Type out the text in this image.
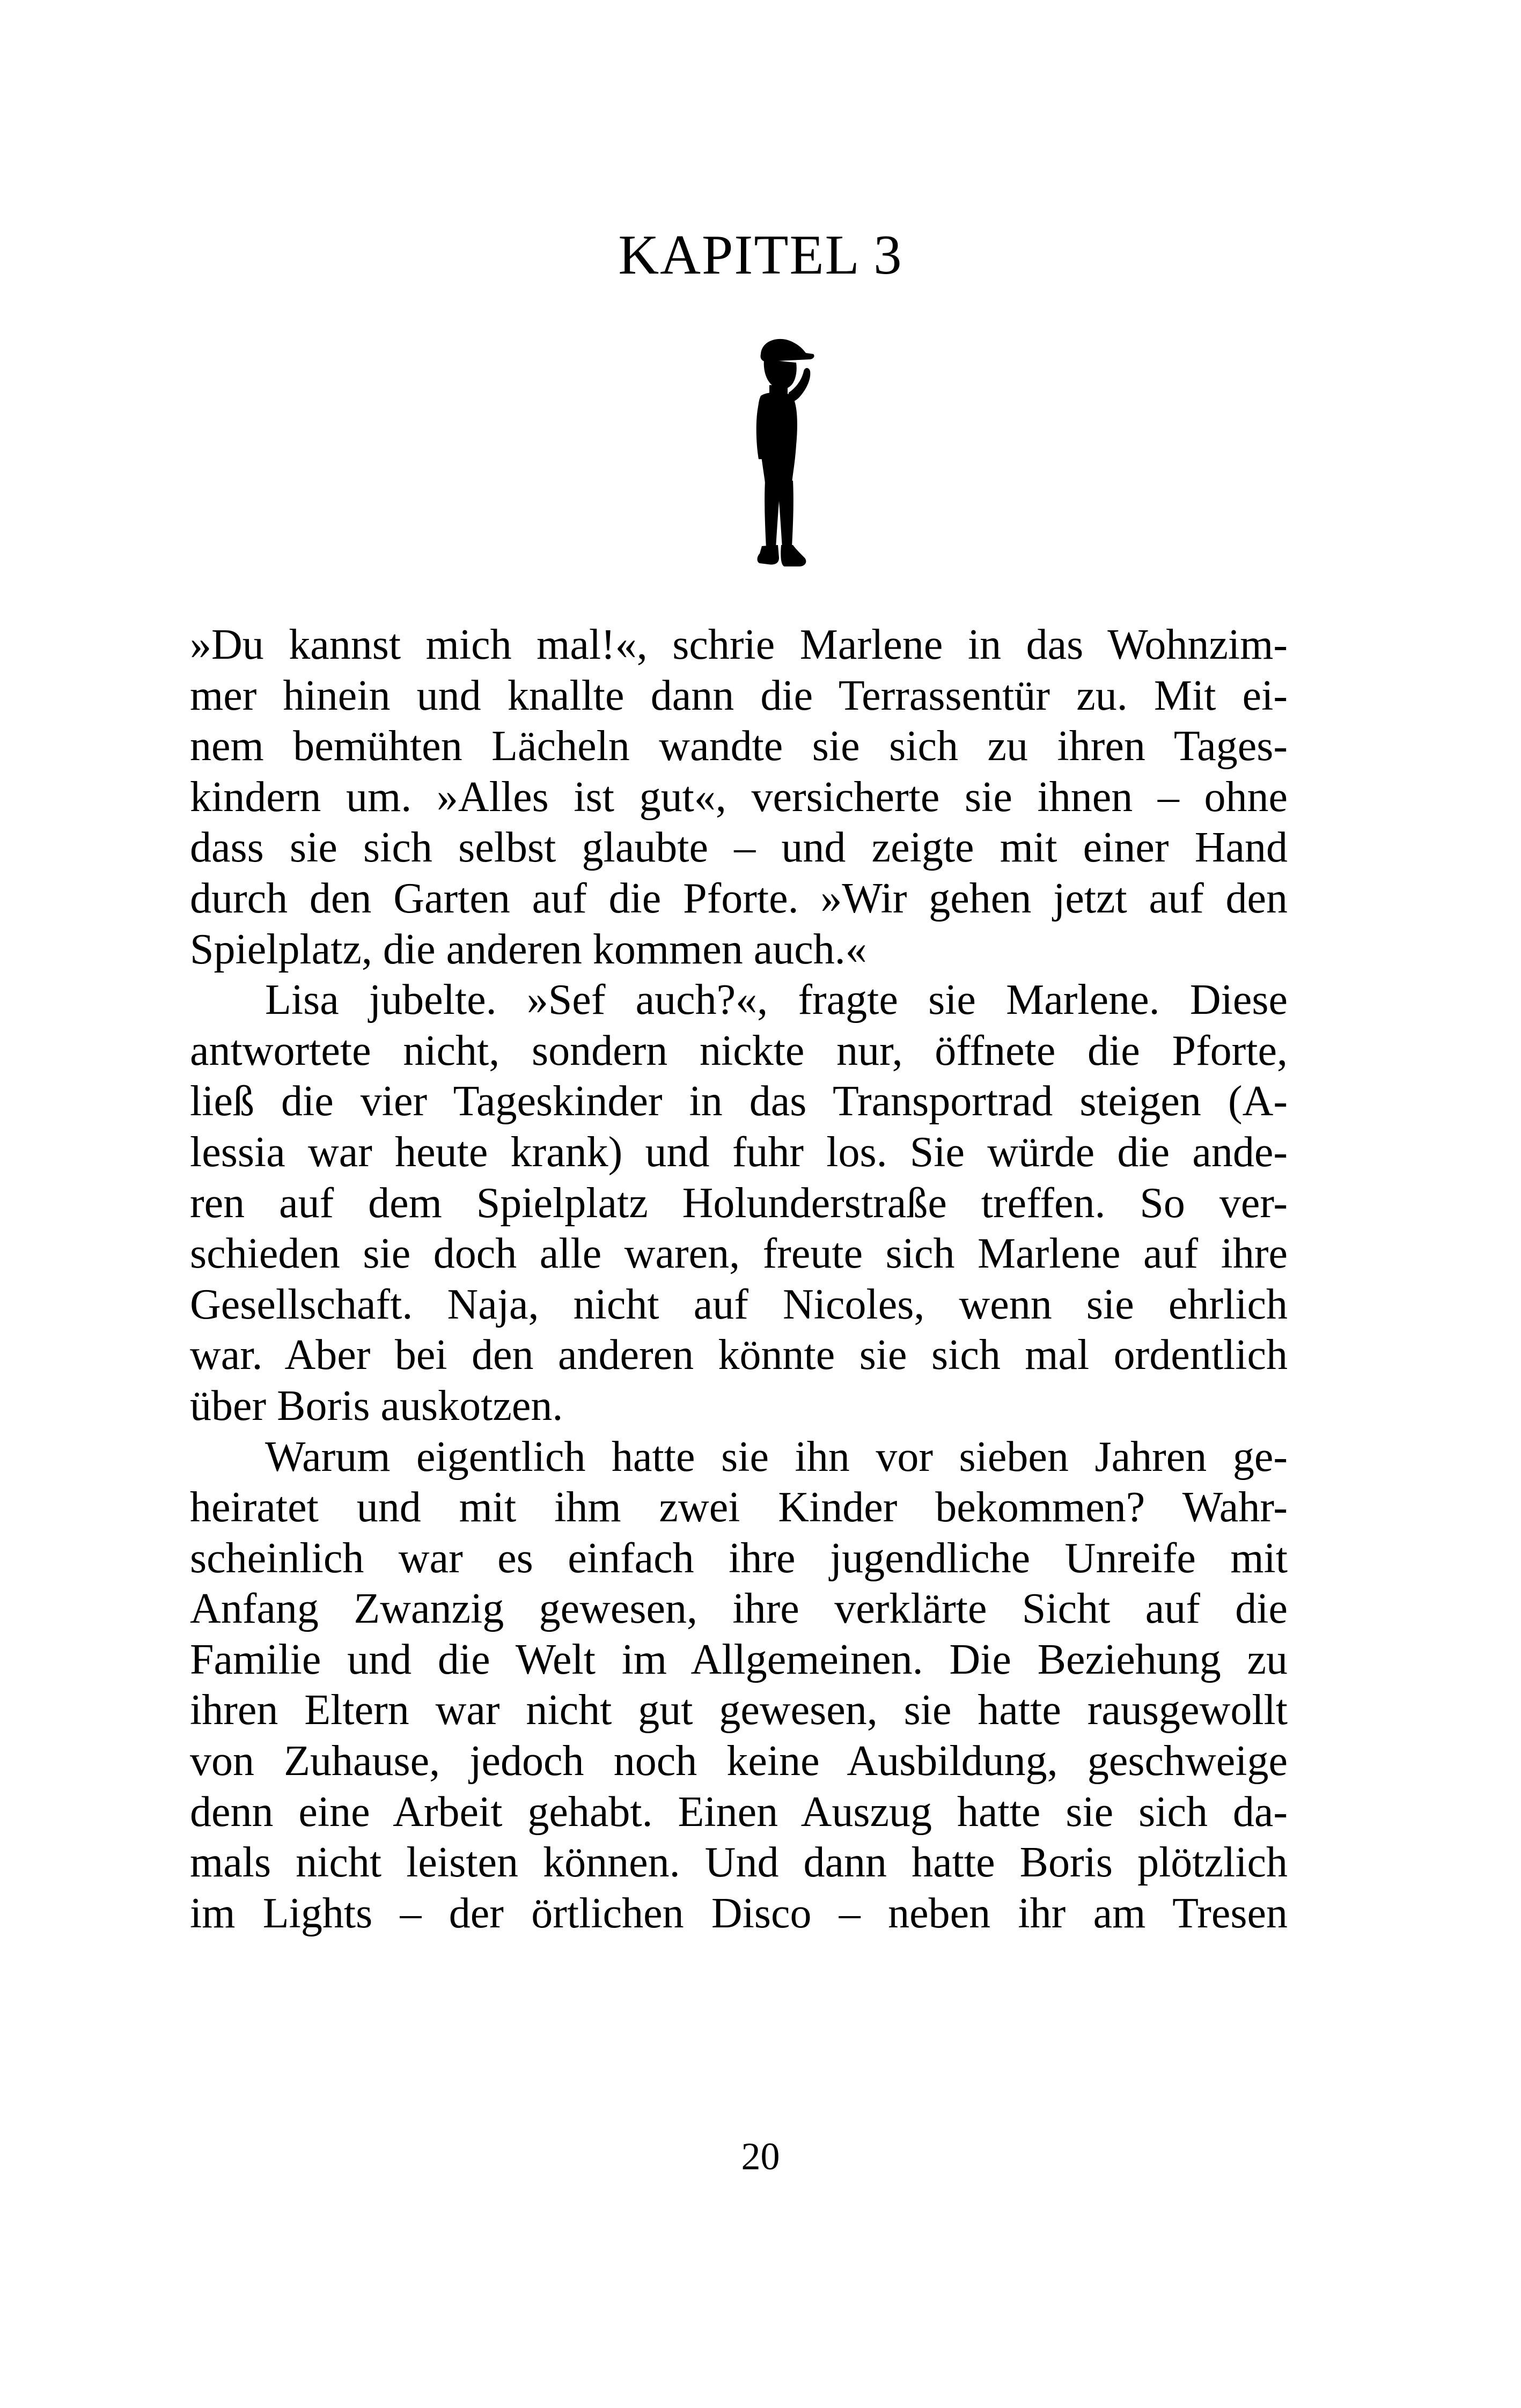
KAPITEL 3
»Du kannst mich mal!«, schrie Marlene in das Wohnzim-
mer hinein und knallte dann die Terrassentür zu. Mit ei-
nem bemühten Lächeln wandte sie sich zu ihren Tages-
kindern um. »Alles ist gut«, versicherte sie ihnen – ohne
dass sie sich selbst glaubte – und zeigte mit einer Hand
durch den Garten auf die Pforte. »Wir gehen jetzt auf den
Spielplatz, die anderen kommen auch.«
Lisa jubelte. »Sef auch?«, fragte sie Marlene. Diese
antwortete nicht, sondern nickte nur, öffnete die Pforte,
ließ die vier Tageskinder in das Transportrad steigen (A-
lessia war heute krank) und fuhr los. Sie würde die ande-
ren auf dem Spielplatz Holunderstraße treffen. So ver-
schieden sie doch alle waren, freute sich Marlene auf ihre
Gesellschaft. Naja, nicht auf Nicoles, wenn sie ehrlich
war. Aber bei den anderen könnte sie sich mal ordentlich
über Boris auskotzen.
Warum eigentlich hatte sie ihn vor sieben Jahren ge-
heiratet und mit ihm zwei Kinder bekommen? Wahr-
scheinlich war es einfach ihre jugendliche Unreife mit
Anfang Zwanzig gewesen, ihre verklärte Sicht auf die
Familie und die Welt im Allgemeinen. Die Beziehung zu
ihren Eltern war nicht gut gewesen, sie hatte rausgewollt
von Zuhause, jedoch noch keine Ausbildung, geschweige
denn eine Arbeit gehabt. Einen Auszug hatte sie sich da-
mals nicht leisten können. Und dann hatte Boris plötzlich
im Lights – der örtlichen Disco – neben ihr am Tresen
20
